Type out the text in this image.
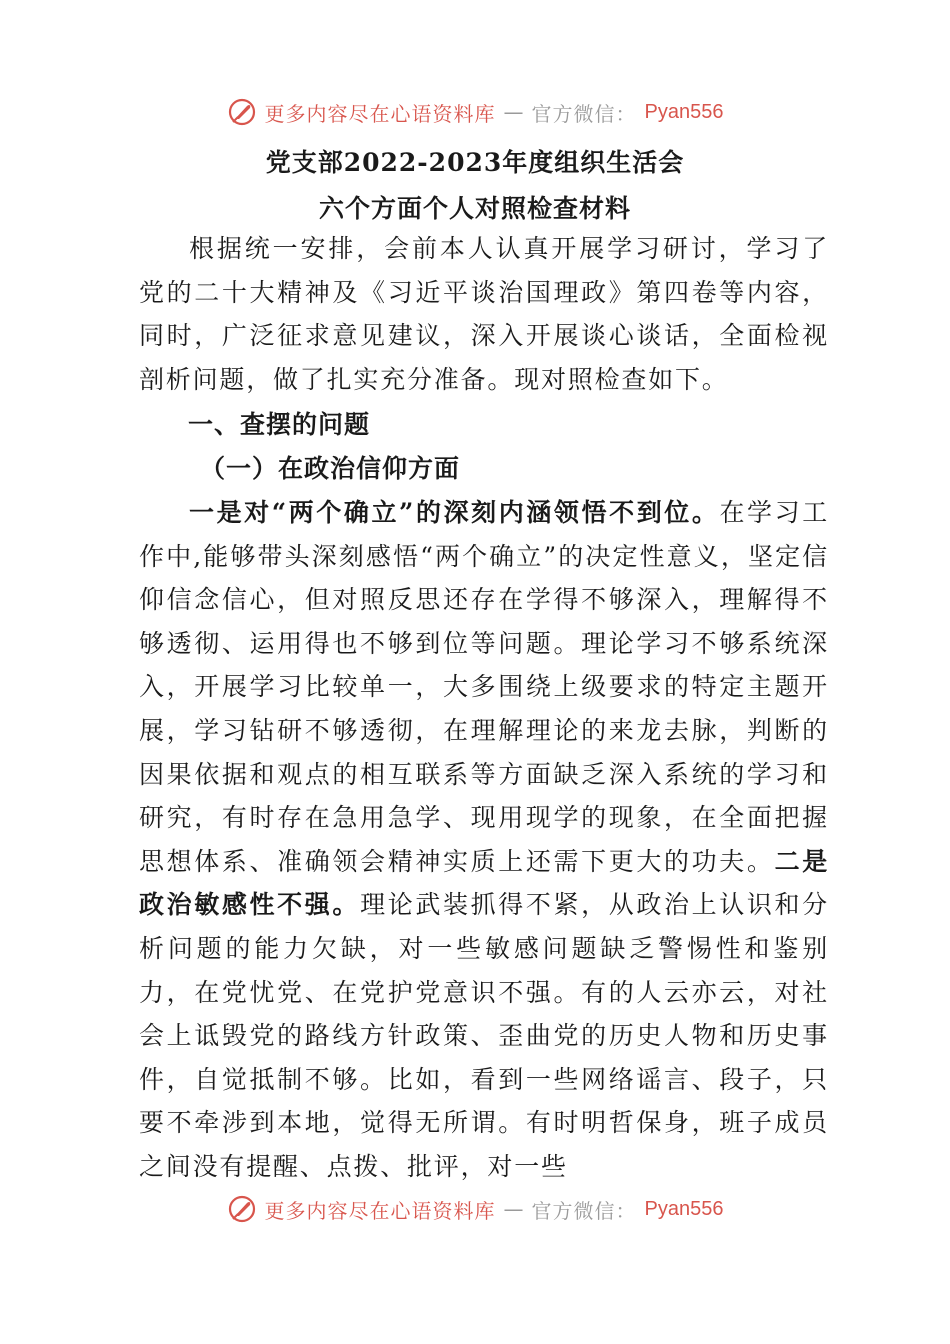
更多内容尽在心语资料库 — 官方微信： Pyan556
党支部2022-2023年度组织生活会
六个方面个人对照检查材料

根据统一安排，会前本人认真开展学习研讨，学习了党的二十大精神及《习近平谈治国理政》第四卷等内容，同时，广泛征求意见建议，深入开展谈心谈话，全面检视剖析问题，做了扎实充分准备。现对照检查如下。

一、查摆的问题

（一）在政治信仰方面

一是对“两个确立”的深刻内涵领悟不到位。在学习工作中,能够带头深刻感悟“两个确立”的决定性意义，坚定信仰信念信心，但对照反思还存在学得不够深入，理解得不够透彻、运用得也不够到位等问题。理论学习不够系统深入，开展学习比较单一，大多围绕上级要求的特定主题开展，学习钻研不够透彻，在理解理论的来龙去脉，判断的因果依据和观点的相互联系等方面缺乏深入系统的学习和研究，有时存在急用急学、现用现学的现象，在全面把握思想体系、准确领会精神实质上还需下更大的功夫。二是政治敏感性不强。理论武装抓得不紧，从政治上认识和分析问题的能力欠缺，对一些敏感问题缺乏警惕性和鉴别力，在党忧党、在党护党意识不强。有的人云亦云，对社会上诋毁党的路线方针政策、歪曲党的历史人物和历史事件，自觉抵制不够。比如，看到一些网络谣言、段子，只要不牵涉到本地，觉得无所谓。有时明哲保身，班子成员之间没有提醒、点拨、批评，对一些

更多内容尽在心语资料库 — 官方微信： Pyan556
